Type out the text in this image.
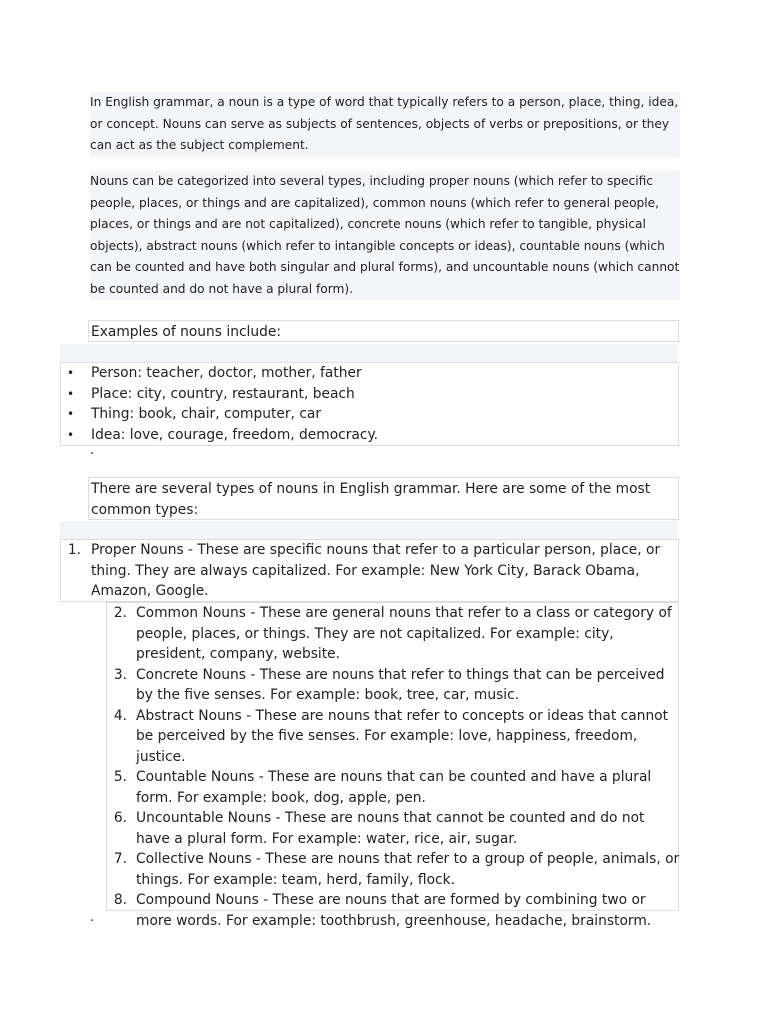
In English grammar, a noun is a type of word that typically refers to a person, place, thing, idea, or concept. Nouns can serve as subjects of sentences, objects of verbs or prepositions, or they can act as the subject complement.

Nouns can be categorized into several types, including proper nouns (which refer to specific people, places, or things and are capitalized), common nouns (which refer to general people, places, or things and are not capitalized), concrete nouns (which refer to tangible, physical objects), abstract nouns (which refer to intangible concepts or ideas), countable nouns (which can be counted and have both singular and plural forms), and uncountable nouns (which cannot be counted and do not have a plural form).

Examples of nouns include:

• Person: teacher, doctor, mother, father
• Place: city, country, restaurant, beach
• Thing: book, chair, computer, car
• Idea: love, courage, freedom, democracy.
.

There are several types of nouns in English grammar. Here are some of the most common types:

1. Proper Nouns - These are specific nouns that refer to a particular person, place, or thing. They are always capitalized. For example: New York City, Barack Obama, Amazon, Google.
2. Common Nouns - These are general nouns that refer to a class or category of people, places, or things. They are not capitalized. For example: city, president, company, website.
3. Concrete Nouns - These are nouns that refer to things that can be perceived by the five senses. For example: book, tree, car, music.
4. Abstract Nouns - These are nouns that refer to concepts or ideas that cannot be perceived by the five senses. For example: love, happiness, freedom, justice.
5. Countable Nouns - These are nouns that can be counted and have a plural form. For example: book, dog, apple, pen.
6. Uncountable Nouns - These are nouns that cannot be counted and do not have a plural form. For example: water, rice, air, sugar.
7. Collective Nouns - These are nouns that refer to a group of people, animals, or things. For example: team, herd, family, flock.
8. Compound Nouns - These are nouns that are formed by combining two or more words. For example: toothbrush, greenhouse, headache, brainstorm.
.
